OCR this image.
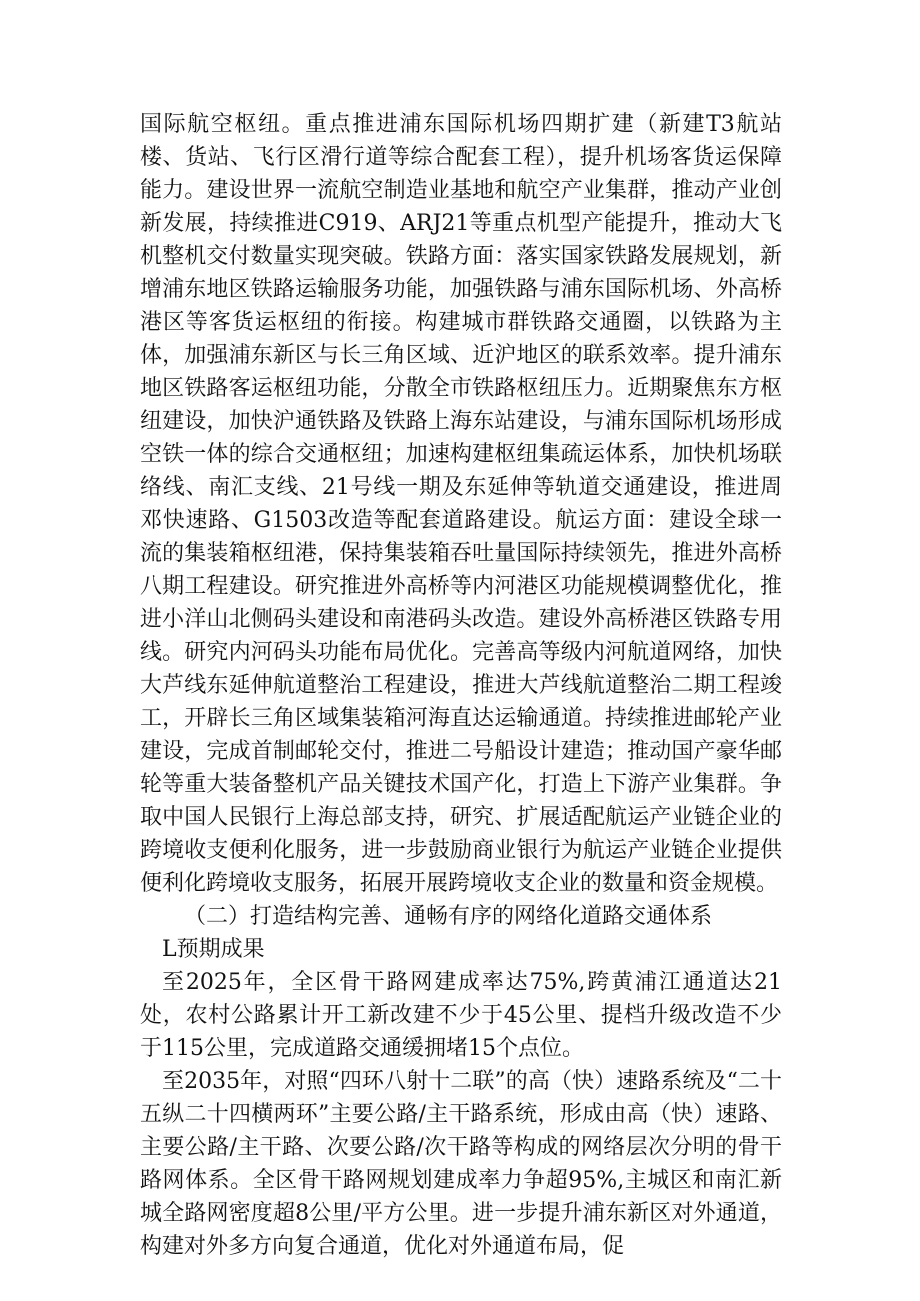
国际航空枢纽。重点推进浦东国际机场四期扩建（新建T3航站楼、货站、飞行区滑行道等综合配套工程），提升机场客货运保障能力。建设世界一流航空制造业基地和航空产业集群，推动产业创新发展，持续推进C919、ARJ21等重点机型产能提升，推动大飞机整机交付数量实现突破。铁路方面：落实国家铁路发展规划，新增浦东地区铁路运输服务功能，加强铁路与浦东国际机场、外高桥港区等客货运枢纽的衔接。构建城市群铁路交通圈，以铁路为主体，加强浦东新区与长三角区域、近沪地区的联系效率。提升浦东地区铁路客运枢纽功能，分散全市铁路枢纽压力。近期聚焦东方枢纽建设，加快沪通铁路及铁路上海东站建设，与浦东国际机场形成空铁一体的综合交通枢纽；加速构建枢纽集疏运体系，加快机场联络线、南汇支线、21号线一期及东延伸等轨道交通建设，推进周邓快速路、G1503改造等配套道路建设。航运方面：建设全球一流的集装箱枢纽港，保持集装箱吞吐量国际持续领先，推进外高桥八期工程建设。研究推进外高桥等内河港区功能规模调整优化，推进小洋山北侧码头建设和南港码头改造。建设外高桥港区铁路专用线。研究内河码头功能布局优化。完善高等级内河航道网络，加快大芦线东延伸航道整治工程建设，推进大芦线航道整治二期工程竣工，开辟长三角区域集装箱河海直达运输通道。持续推进邮轮产业建设，完成首制邮轮交付，推进二号船设计建造；推动国产豪华邮轮等重大装备整机产品关键技术国产化，打造上下游产业集群。争取中国人民银行上海总部支持，研究、扩展适配航运产业链企业的跨境收支便利化服务，进一步鼓励商业银行为航运产业链企业提供便利化跨境收支服务，拓展开展跨境收支企业的数量和资金规模。

（二）打造结构完善、通畅有序的网络化道路交通体系

L预期成果

至2025年，全区骨干路网建成率达75%,跨黄浦江通道达21处，农村公路累计开工新改建不少于45公里、提档升级改造不少于115公里，完成道路交通缓拥堵15个点位。

至2035年，对照“四环八射十二联”的高（快）速路系统及“二十五纵二十四横两环”主要公路/主干路系统，形成由高（快）速路、主要公路/主干路、次要公路/次干路等构成的网络层次分明的骨干路网体系。全区骨干路网规划建成率力争超95%,主城区和南汇新城全路网密度超8公里/平方公里。进一步提升浦东新区对外通道，构建对外多方向复合通道，优化对外通道布局，促
